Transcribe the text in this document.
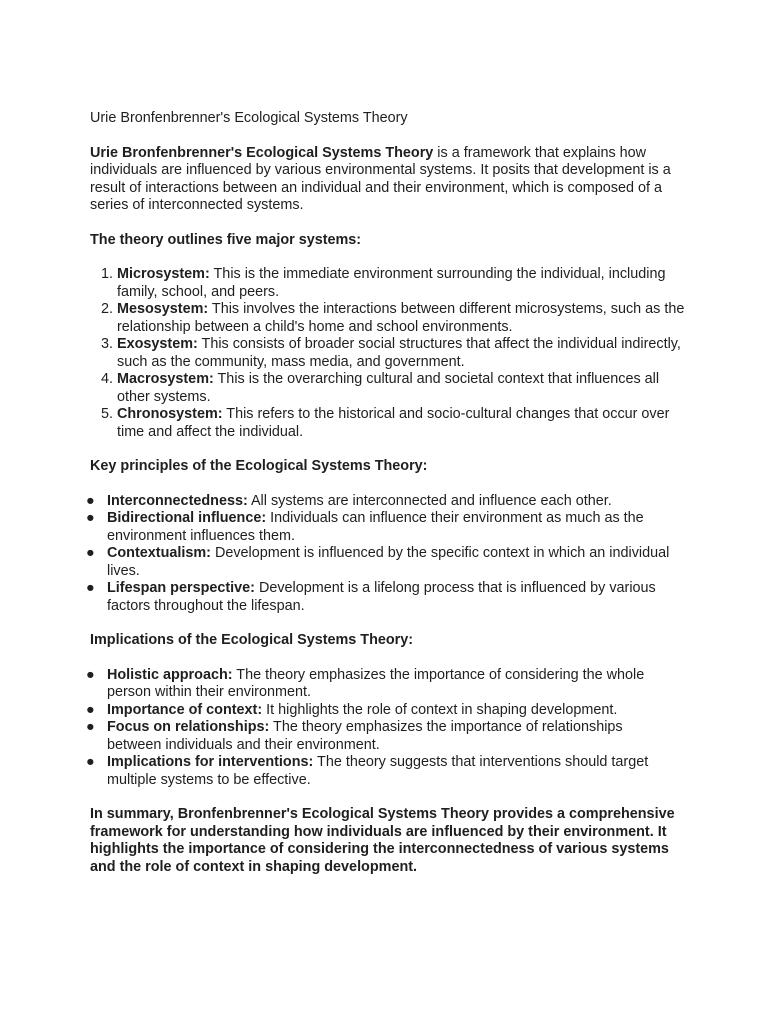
Urie Bronfenbrenner's Ecological Systems Theory

Urie Bronfenbrenner's Ecological Systems Theory is a framework that explains how individuals are influenced by various environmental systems. It posits that development is a result of interactions between an individual and their environment, which is composed of a series of interconnected systems.

The theory outlines five major systems:

1. Microsystem: This is the immediate environment surrounding the individual, including family, school, and peers.
2. Mesosystem: This involves the interactions between different microsystems, such as the relationship between a child's home and school environments.
3. Exosystem: This consists of broader social structures that affect the individual indirectly, such as the community, mass media, and government.
4. Macrosystem: This is the overarching cultural and societal context that influences all other systems.
5. Chronosystem: This refers to the historical and socio-cultural changes that occur over time and affect the individual.

Key principles of the Ecological Systems Theory:

● Interconnectedness: All systems are interconnected and influence each other.
● Bidirectional influence: Individuals can influence their environment as much as the environment influences them.
● Contextualism: Development is influenced by the specific context in which an individual lives.
● Lifespan perspective: Development is a lifelong process that is influenced by various factors throughout the lifespan.

Implications of the Ecological Systems Theory:

● Holistic approach: The theory emphasizes the importance of considering the whole person within their environment.
● Importance of context: It highlights the role of context in shaping development.
● Focus on relationships: The theory emphasizes the importance of relationships between individuals and their environment.
● Implications for interventions: The theory suggests that interventions should target multiple systems to be effective.

In summary, Bronfenbrenner's Ecological Systems Theory provides a comprehensive framework for understanding how individuals are influenced by their environment. It highlights the importance of considering the interconnectedness of various systems and the role of context in shaping development.
